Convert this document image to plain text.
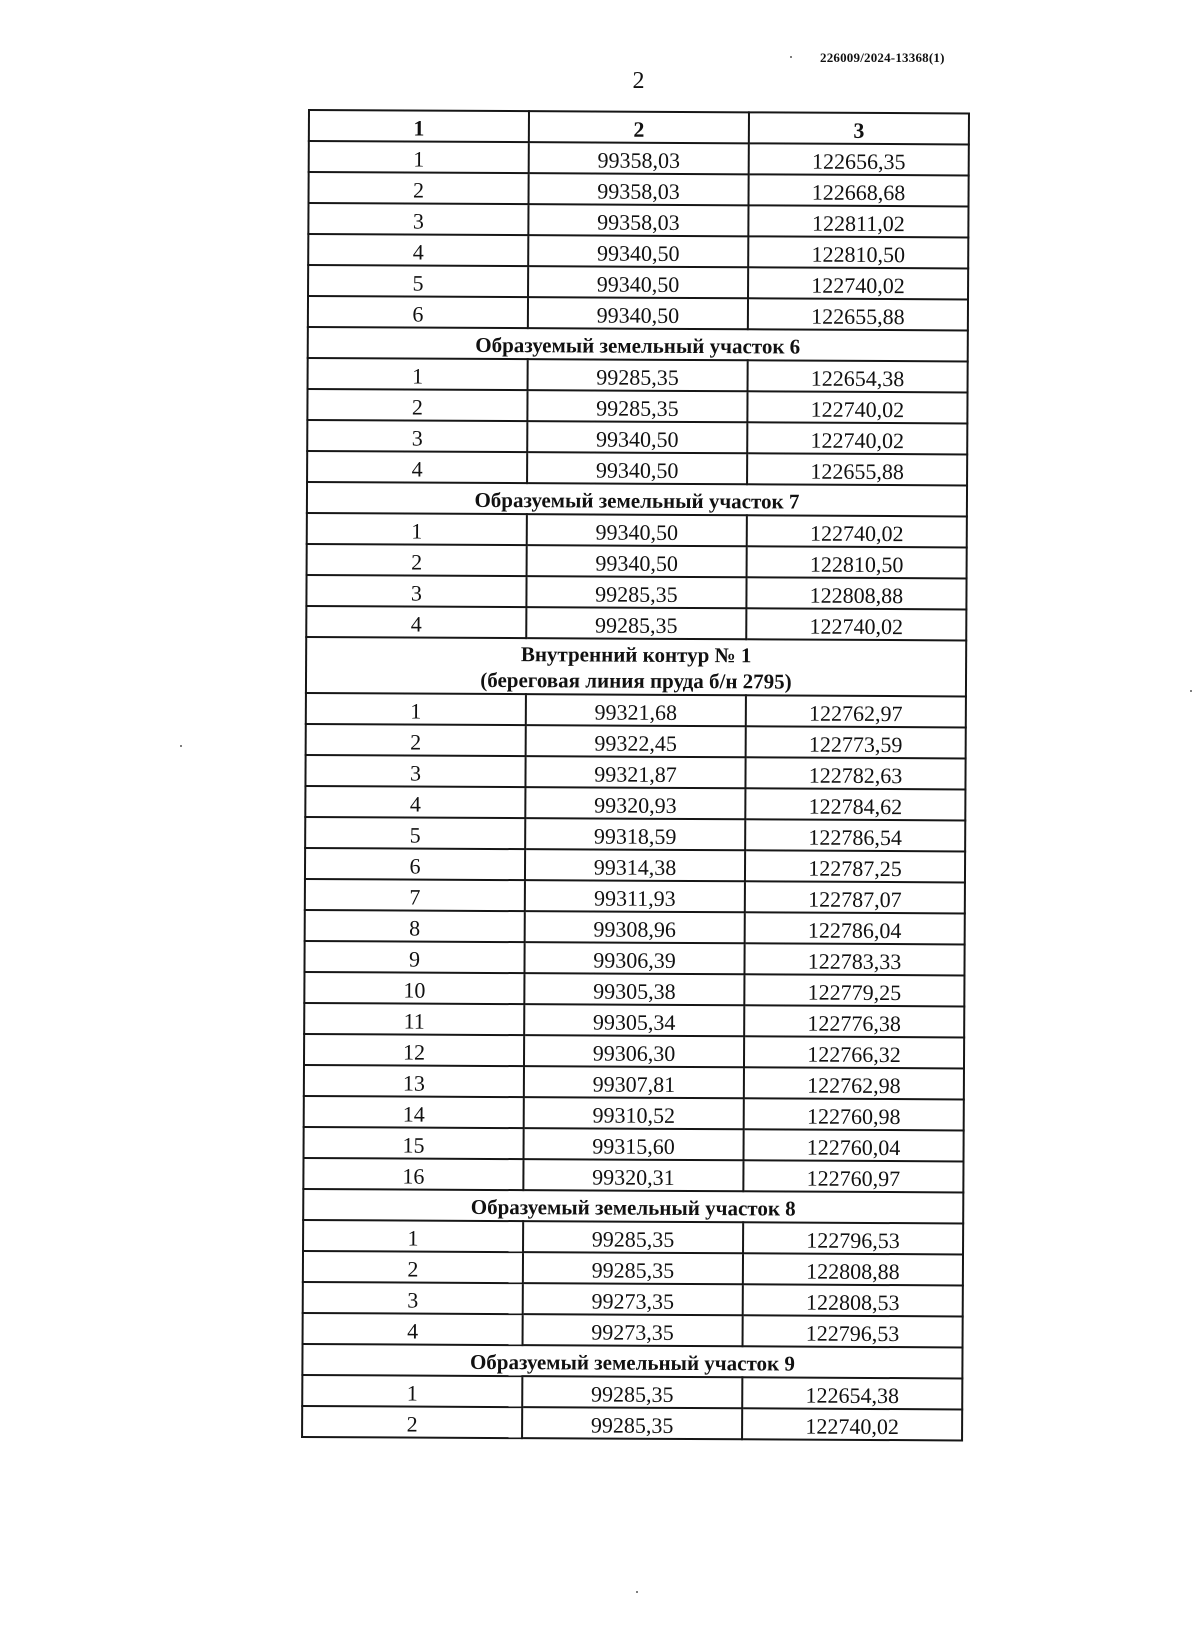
226009/2024-13368(1)
2
1	2	3
1	99358,03	122656,35
2	99358,03	122668,68
3	99358,03	122811,02
4	99340,50	122810,50
5	99340,50	122740,02
6	99340,50	122655,88

Образуемый земельный участок 6		

1	99285,35	122654,38
2	99285,35	122740,02
3	99340,50	122740,02
4	99340,50	122655,88

Образуемый земельный участок 7		

1	99340,50	122740,02
2	99340,50	122810,50
3	99285,35	122808,88
4	99285,35	122740,02

Внутренний контур № 1
(береговая линия пруда б/н 2795)		

1	99321,68	122762,97
2	99322,45	122773,59
3	99321,87	122782,63
4	99320,93	122784,62
5	99318,59	122786,54
6	99314,38	122787,25
7	99311,93	122787,07
8	99308,96	122786,04
9	99306,39	122783,33
10	99305,38	122779,25
11	99305,34	122776,38
12	99306,30	122766,32
13	99307,81	122762,98
14	99310,52	122760,98
15	99315,60	122760,04
16	99320,31	122760,97

Образуемый земельный участок 8		

1	99285,35	122796,53
2	99285,35	122808,88
3	99273,35	122808,53
4	99273,35	122796,53

Образуемый земельный участок 9		

1	99285,35	122654,38
2	99285,35	122740,02
